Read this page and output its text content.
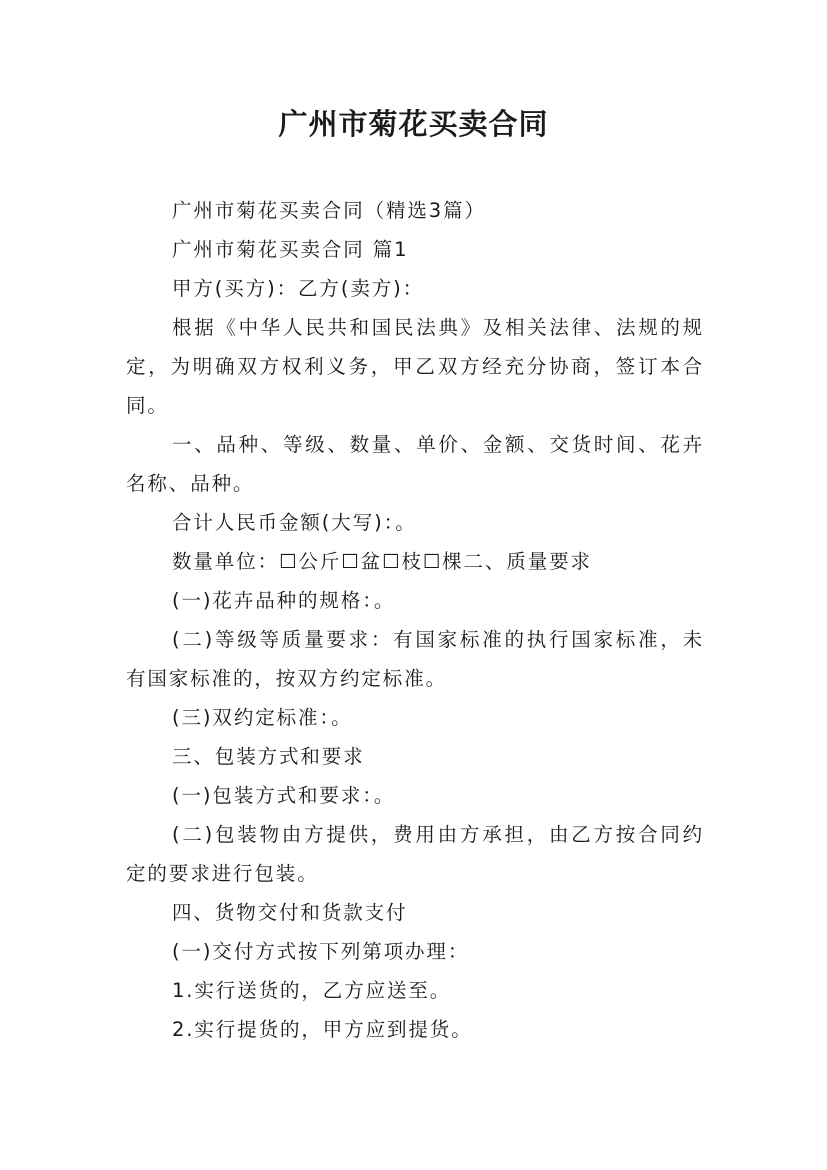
广州市菊花买卖合同

广州市菊花买卖合同（精选3篇）

广州市菊花买卖合同 篇1

甲方(买方)：乙方(卖方)：

根据《中华人民共和国民法典》及相关法律、法规的规定，为明确双方权利义务，甲乙双方经充分协商，签订本合同。

一、品种、等级、数量、单价、金额、交货时间、花卉名称、品种。

合计人民币金额(大写)：。

数量单位：☐公斤☐盆☐枝☐棵二、质量要求

(一)花卉品种的规格：。

(二)等级等质量要求：有国家标准的执行国家标准，未有国家标准的，按双方约定标准。

(三)双约定标准：。

三、包装方式和要求

(一)包装方式和要求：。

(二)包装物由方提供，费用由方承担，由乙方按合同约定的要求进行包装。

四、货物交付和货款支付

(一)交付方式按下列第项办理：

1.实行送货的，乙方应送至。

2.实行提货的，甲方应到提货。
